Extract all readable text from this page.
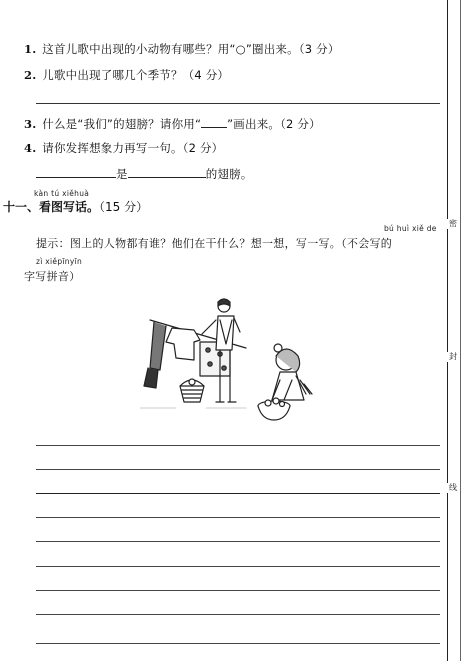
1. 这首儿歌中出现的小动物有哪些？用“○”圈出来。（3 分）
2. 儿歌中出现了哪几个季节？（4 分）
3. 什么是“我们”的翅膀？请你用“ ”画出来。（2 分）
4. 请你发挥想象力再写一句。（2 分）
是	的翅膀。
kàn tú xiěhuà
十一、看图写话。（15 分）
bú huì xiě de
提示：图上的人物都有谁？他们在干什么？想一想，写一写。（不会写的
zì xiěpīnyīn
字写拼音）
密
封
线
